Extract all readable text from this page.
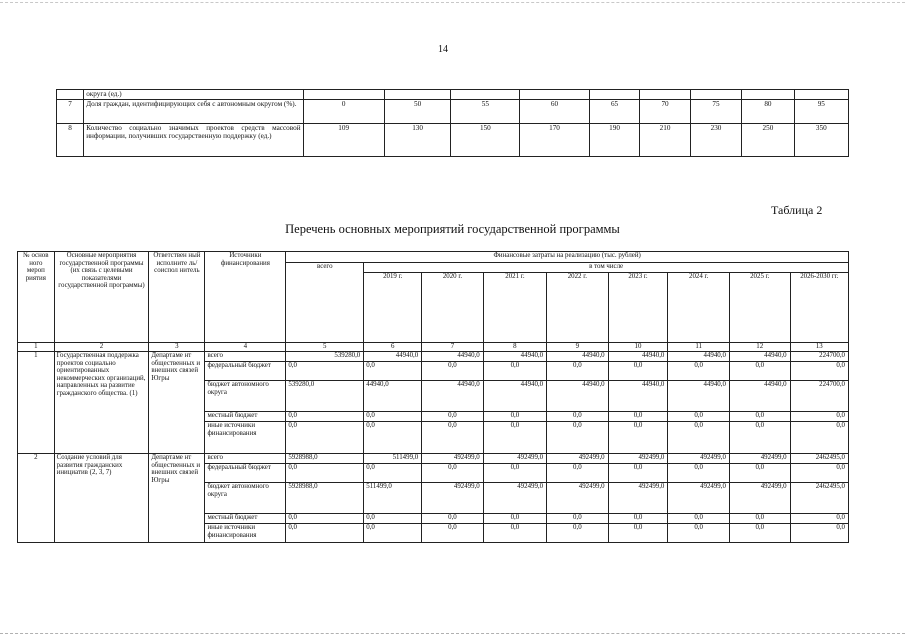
14
	округа (ед.)									
7	Доля граждан, идентифицирующих себя с автономным округом (%).	0	50	55	60	65	70	75	80	95
8	Количество социально значимых проектов средств массовой информации, получивших государственную поддержку (ед.)	109	130	150	170	190	210	230	250	350
Таблица 2
Перечень основных мероприятий государственной программы
№ основ ного мероп риятия	Основные мероприятия государственной программы (их связь с целевыми показателями государственной программы)	Ответствен ный исполните ль/соиспол нитель	Источники финансирования	Финансовые затраты на реализацию (тыс. рублей)								
				всего	в том числе							
					2019 г.	2020 г.	2021 г.	2022 г.	2023 г.	2024 г.	2025 г.	2026-2030 гг.
1	2	3	4	5	6	7	8	9	10	11	12	13
1	Государственная поддержка проектов социально ориентированных некоммерческих организаций, направленных на развитие гражданского общества. (1)	Департаме нт общественных и внешних связей Югры	всего	539280,0	44940,0	44940,0	44940,0	44940,0	44940,0	44940,0	44940,0	224700,0
			федеральный бюджет	0,0	0,0	0,0	0,0	0,0	0,0	0,0	0,0	0,0
			бюджет автономного округа	539280,0	44940,0	44940,0	44940,0	44940,0	44940,0	44940,0	44940,0	224700,0
			местный бюджет	0,0	0,0	0,0	0,0	0,0	0,0	0,0	0,0	0,0
			иные источники финансирования	0,0	0,0	0,0	0,0	0,0	0,0	0,0	0,0	0,0
2	Создание условий для развития гражданских инициатив (2, 3, 7)	Департаме нт общественных и внешних связей Югры	всего	5928988,0	511499,0	492499,0	492499,0	492499,0	492499,0	492499,0	492499,0	2462495,0
			федеральный бюджет	0,0	0,0	0,0	0,0	0,0	0,0	0,0	0,0	0,0
			бюджет автономного округа	5928988,0	511499,0	492499,0	492499,0	492499,0	492499,0	492499,0	492499,0	2462495,0
			местный бюджет	0,0	0,0	0,0	0,0	0,0	0,0	0,0	0,0	0,0
			иные источники финансирования	0,0	0,0	0,0	0,0	0,0	0,0	0,0	0,0	0,0
